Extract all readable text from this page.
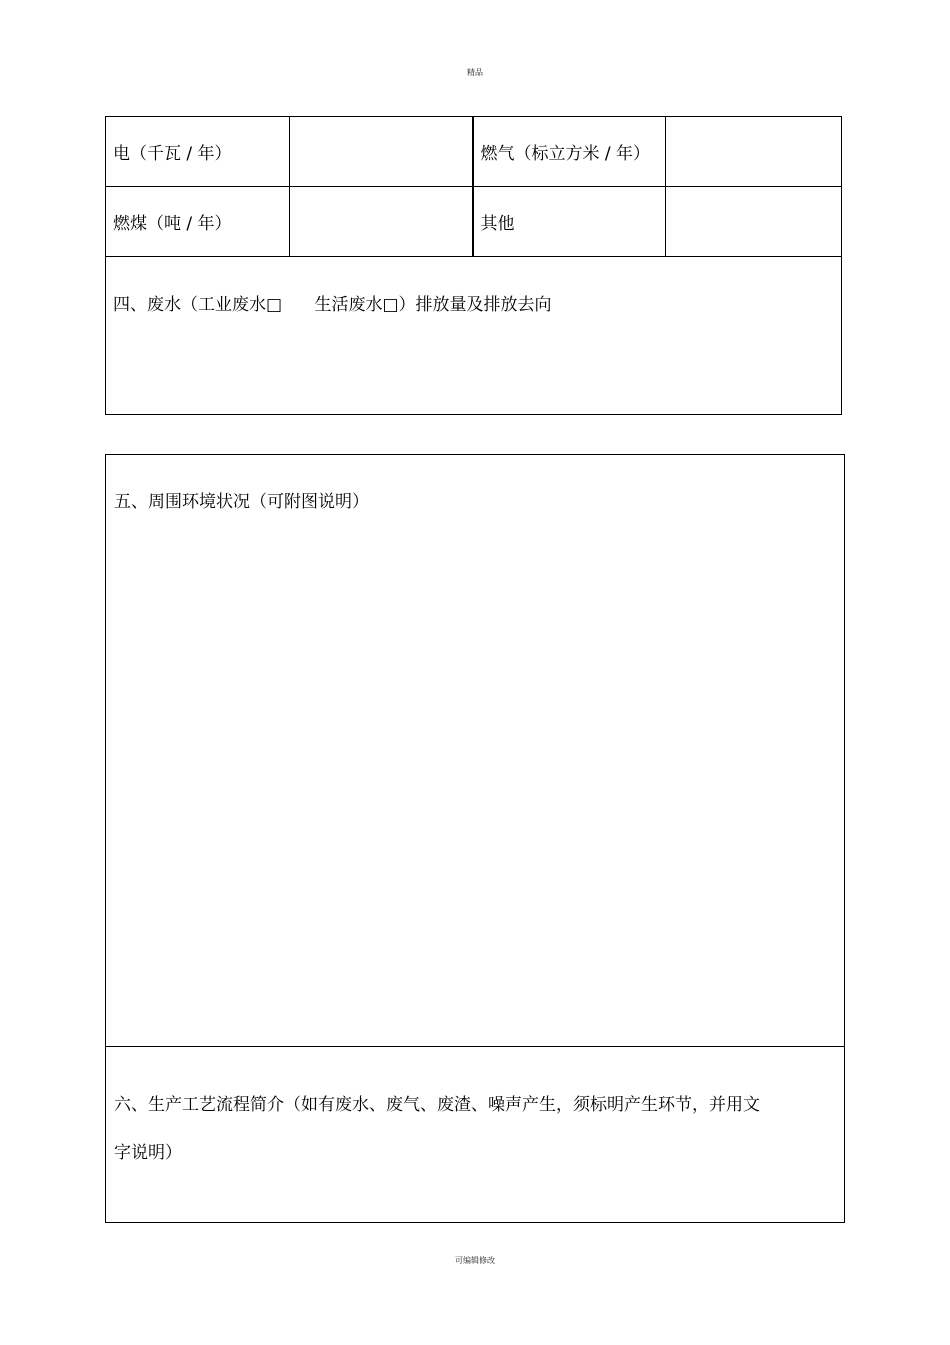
精品
电（千瓦 / 年）		燃气（标立方米 / 年）	
燃煤（吨 / 年）		其他	
四、废水（工业废水□      生活废水□）排放量及排放去向			
五、周围环境状况（可附图说明）
六、生产工艺流程简介（如有废水、废气、废渣、噪声产生，须标明产生环节，并用文
字说明）
可编辑修改
